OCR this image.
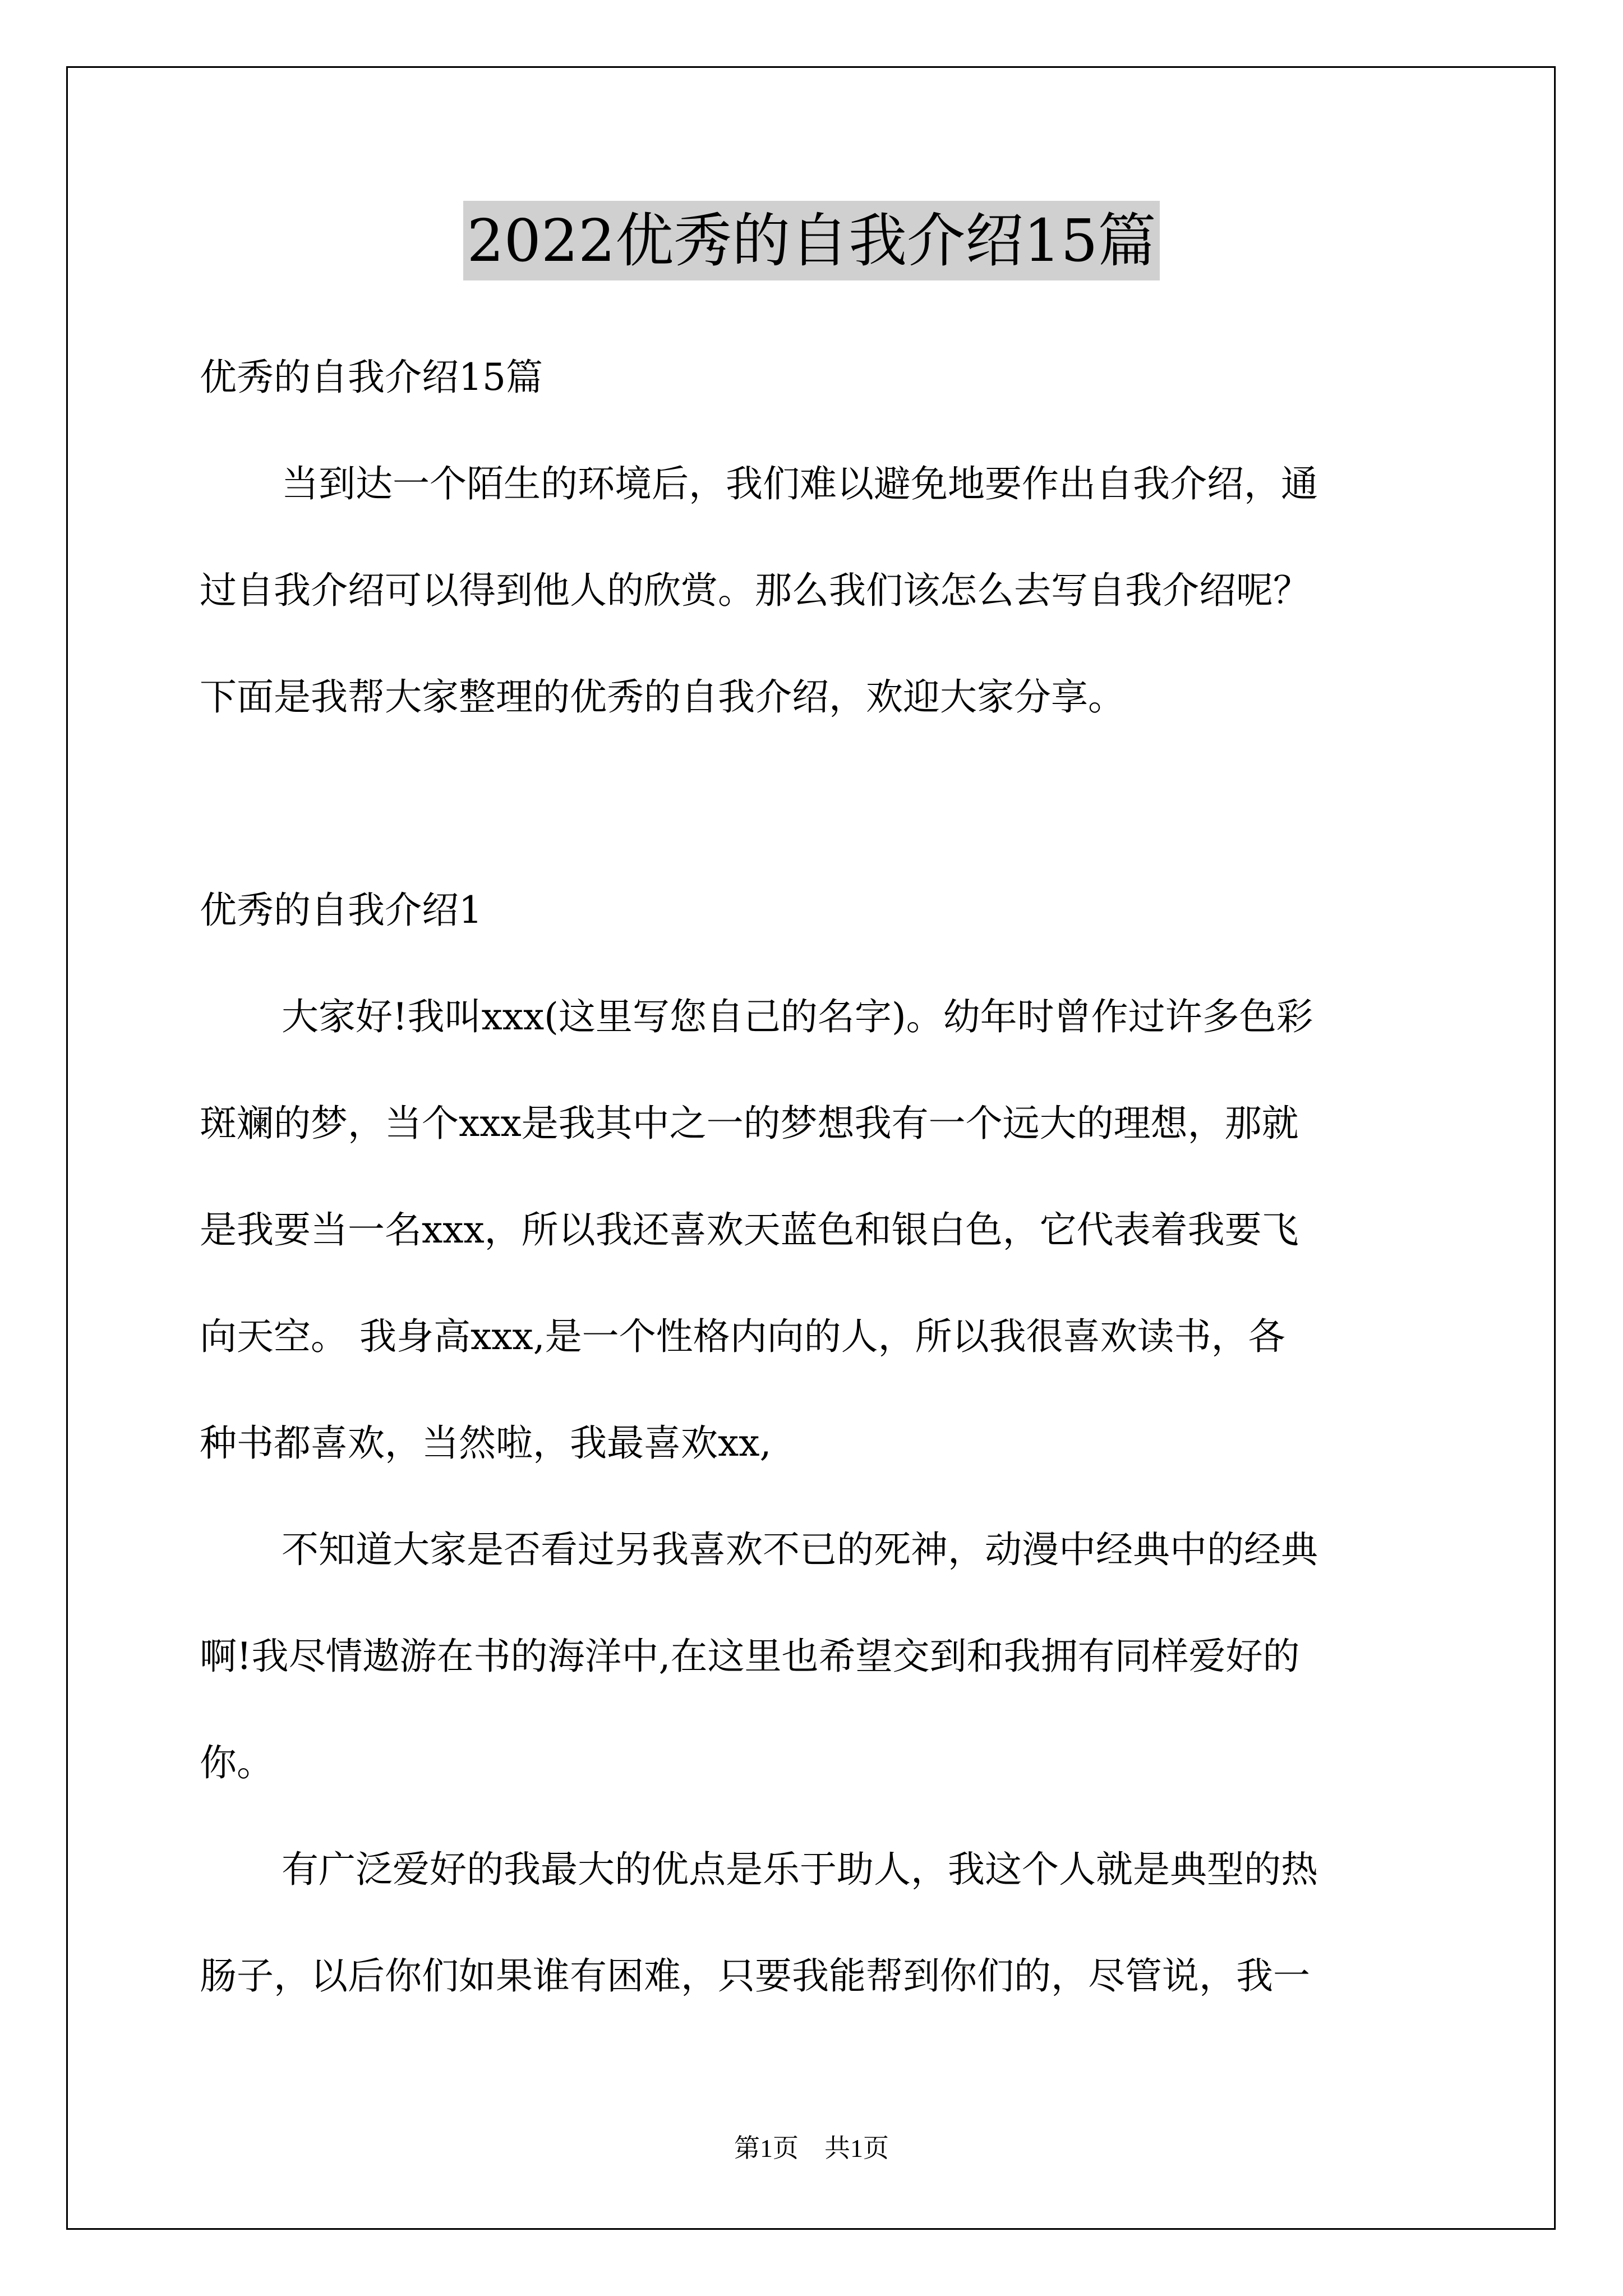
2022优秀的自我介绍15篇
优秀的自我介绍15篇
当到达一个陌生的环境后，我们难以避免地要作出自我介绍，通
过自我介绍可以得到他人的欣赏。那么我们该怎么去写自我介绍呢？
下面是我帮大家整理的优秀的自我介绍，欢迎大家分享。
优秀的自我介绍1
大家好!我叫xxx(这里写您自己的名字)。幼年时曾作过许多色彩
斑斓的梦，当个xxx是我其中之一的梦想我有一个远大的理想，那就
是我要当一名xxx，所以我还喜欢天蓝色和银白色，它代表着我要飞
向天空。 我身高xxx,是一个性格内向的人，所以我很喜欢读书，各
种书都喜欢，当然啦，我最喜欢xx,
不知道大家是否看过另我喜欢不已的死神，动漫中经典中的经典
啊!我尽情遨游在书的海洋中,在这里也希望交到和我拥有同样爱好的
你。
有广泛爱好的我最大的优点是乐于助人，我这个人就是典型的热
肠子，以后你们如果谁有困难，只要我能帮到你们的，尽管说，我一
第1页　共1页
